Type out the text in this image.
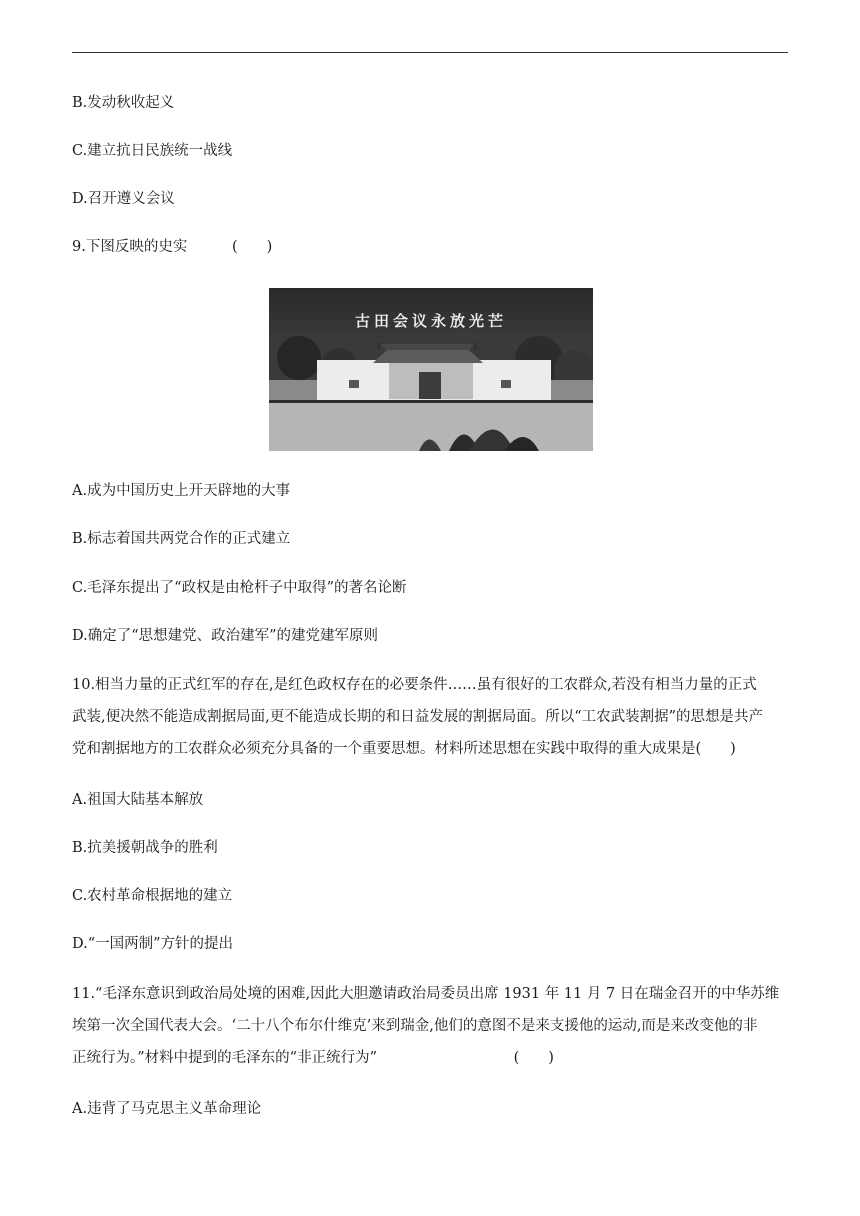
B.发动秋收起义
C.建立抗日民族统一战线
D.召开遵义会议
9.下图反映的史实	(　　)
古田会议永放光芒
A.成为中国历史上开天辟地的大事
B.标志着国共两党合作的正式建立
C.毛泽东提出了“政权是由枪杆子中取得”的著名论断
D.确定了“思想建党、政治建军”的建党建军原则
10.相当力量的正式红军的存在,是红色政权存在的必要条件……虽有很好的工农群众,若没有相当力量的正式
武装,便决然不能造成割据局面,更不能造成长期的和日益发展的割据局面。所以“工农武装割据”的思想是共产
党和割据地方的工农群众必须充分具备的一个重要思想。材料所述思想在实践中取得的重大成果是(　　)
A.祖国大陆基本解放
B.抗美援朝战争的胜利
C.农村革命根据地的建立
D.“一国两制”方针的提出
11.“毛泽东意识到政治局处境的困难,因此大胆邀请政治局委员出席 1931 年 11 月 7 日在瑞金召开的中华苏维
埃第一次全国代表大会。‘二十八个布尔什维克’来到瑞金,他们的意图不是来支援他的运动,而是来改变他的非
正统行为。”材料中提到的毛泽东的“非正统行为”	(　　)
A.违背了马克思主义革命理论
